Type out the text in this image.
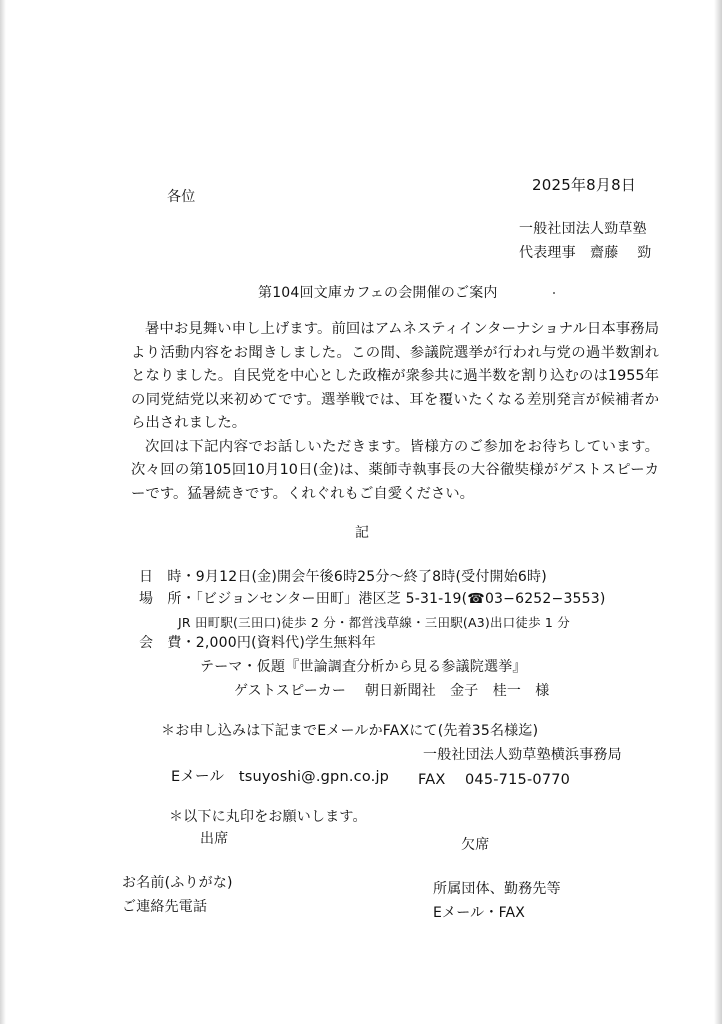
2025年8月8日
各位
一般社団法人勁草塾
代表理事　齋藤　 勁
第104回文庫カフェの会開催のご案内

暑中お見舞い申し上げます。前回はアムネスティインターナショナル日本事務局より活動内容をお聞きしました。この間、参議院選挙が行われ与党の過半数割れとなりました。自民党を中心とした政権が衆参共に過半数を割り込むのは1955年の同党結党以来初めてです。選挙戦では、耳を覆いたくなる差別発言が候補者から出されました。

次回は下記内容でお話しいただきます。皆様方のご参加をお待ちしています。次々回の第105回10月10日(金)は、薬師寺執事長の大谷徹奘様がゲストスピーカーです。猛暑続きです。くれぐれもご自愛ください。

記
日　時・9月12日(金)開会午後6時25分～終了8時(受付開始6時)
場　所・「ビジョンセンター田町」港区芝 5-31-19(☎03−6252−3553)
JR 田町駅(三田口)徒歩 2 分・都営浅草線・三田駅(A3)出口徒歩 1 分
会　費・2,000円(資料代)学生無料年
テーマ・仮題『世論調査分析から見る参議院選挙』
ゲストスピーカー　 朝日新聞社　金子　桂一　様
＊お申し込みは下記までEメールかFAXにて(先着35名様迄)
一般社団法人勁草塾横浜事務局
Eメール　tsuyoshi@.gpn.co.jp FAX　 045-715-0770
＊以下に丸印をお願いします。
出席	欠席
お名前(ふりがな)	所属団体、勤務先等
ご連絡先電話	Eメール・FAX
